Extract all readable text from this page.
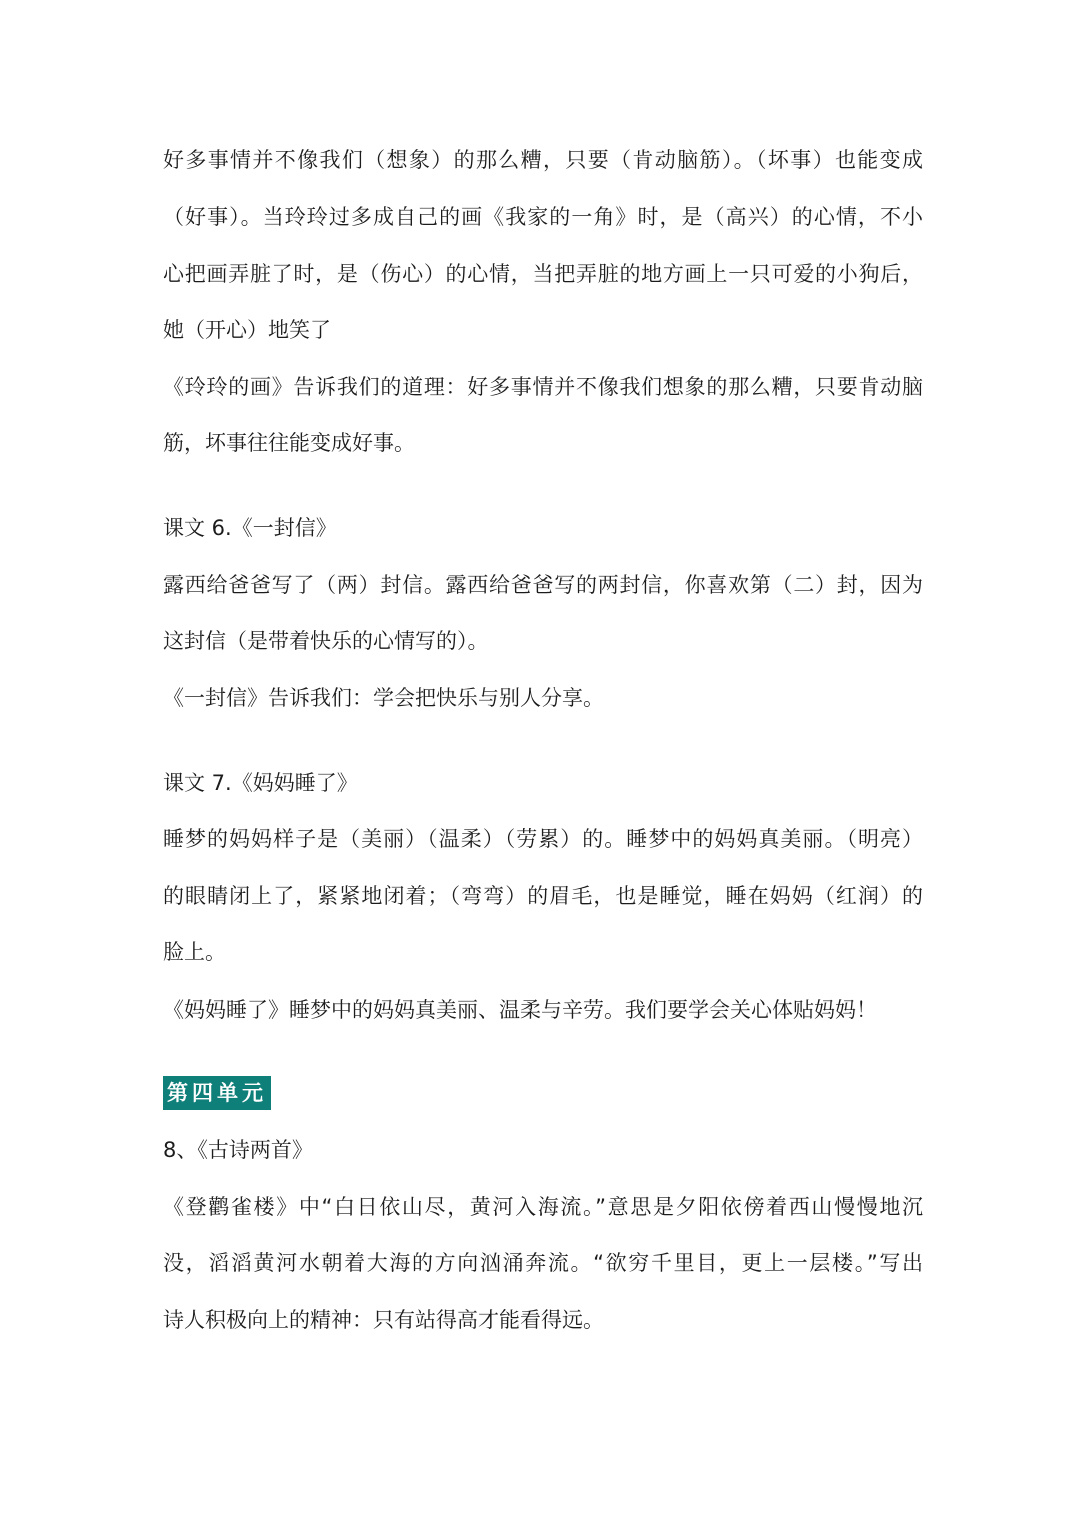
好多事情并不像我们（想象）的那么糟，只要（肯动脑筋）。（坏事）也能变成
（好事）。当玲玲过多成自己的画《我家的一角》时，是（高兴）的心情，不小
心把画弄脏了时，是（伤心）的心情，当把弄脏的地方画上一只可爱的小狗后，
她（开心）地笑了
《玲玲的画》告诉我们的道理：好多事情并不像我们想象的那么糟，只要肯动脑
筋，坏事往往能变成好事。
课文 6.《一封信》
露西给爸爸写了（两）封信。露西给爸爸写的两封信，你喜欢第（二）封，因为
这封信（是带着快乐的心情写的）。
《一封信》告诉我们：学会把快乐与别人分享。
课文 7.《妈妈睡了》
睡梦的妈妈样子是（美丽）（温柔）（劳累）的。睡梦中的妈妈真美丽。（明亮）
的眼睛闭上了，紧紧地闭着；（弯弯）的眉毛，也是睡觉，睡在妈妈（红润）的
脸上。
《妈妈睡了》睡梦中的妈妈真美丽、温柔与辛劳。我们要学会关心体贴妈妈！
第四单元
8、《古诗两首》
《登鹳雀楼》中“白日依山尽，黄河入海流。”意思是夕阳依傍着西山慢慢地沉
没，滔滔黄河水朝着大海的方向汹涌奔流。“欲穷千里目，更上一层楼。”写出
诗人积极向上的精神：只有站得高才能看得远。
